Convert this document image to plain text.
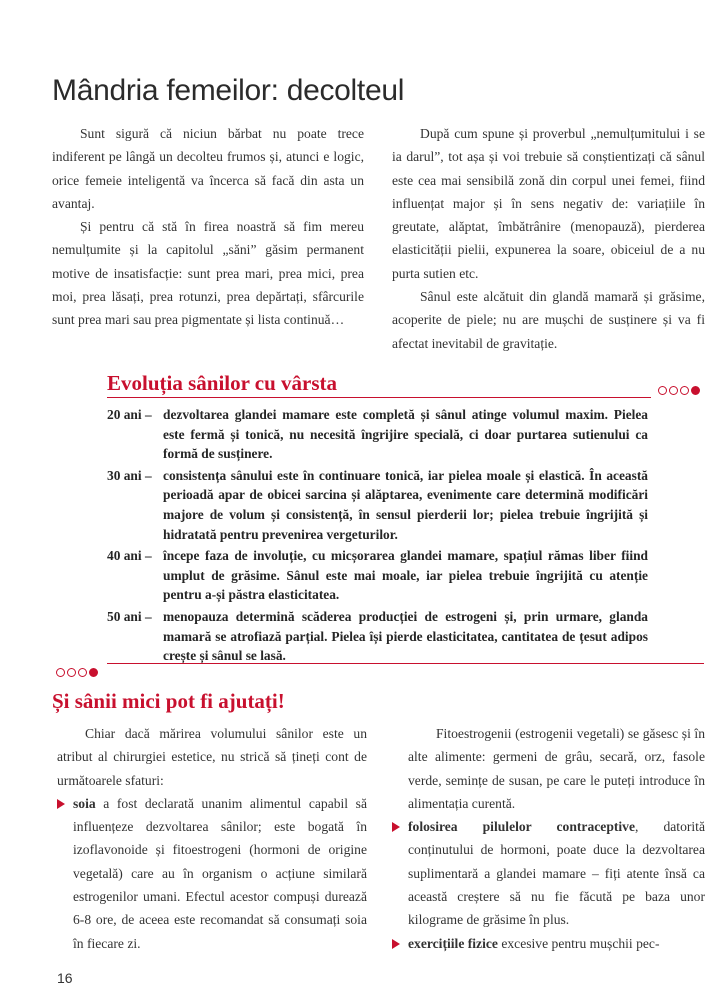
Mândria femeilor: decolteul

Sunt sigură că niciun bărbat nu poate trece indiferent pe lângă un decolteu frumos și, atunci e logic, orice femeie inteligentă va încerca să facă din asta un avantaj.

Și pentru că stă în firea noastră să fim mereu nemulțumite și la capitolul „săni” găsim permanent motive de insatisfacție: sunt prea mari, prea mici, prea moi, prea lăsați, prea rotunzi, prea depărtați, sfârcurile sunt prea mari sau prea pigmentate și lista continuă…

După cum spune și proverbul „nemulțumitului i se ia darul”, tot așa și voi trebuie să conștientizați că sânul este cea mai sensibilă zonă din corpul unei femei, fiind influențat major și în sens negativ de: variațiile în greutate, alăptat, îmbătrânire (menopauză), pierderea elasticității pielii, expunerea la soare, obiceiul de a nu purta sutien etc.

Sânul este alcătuit din glandă mamară și grăsime, acoperite de piele; nu are mușchi de susținere și va fi afectat inevitabil de gravitație.

Evoluția sânilor cu vârsta
20 ani – dezvoltarea glandei mamare este completă și sânul atinge volumul maxim. Pielea este fermă și tonică, nu necesită îngrijire specială, ci doar purtarea sutienului ca formă de susținere.
30 ani – consistența sânului este în continuare tonică, iar pielea moale și elastică. În această perioadă apar de obicei sarcina și alăptarea, evenimente care determină modificări majore de volum și consistență, în sensul pierderii lor; pielea trebuie îngrijită și hidratată pentru prevenirea vergeturilor.
40 ani – începe faza de involuție, cu micșorarea glandei mamare, spațiul rămas liber fiind umplut de grăsime. Sânul este mai moale, iar pielea trebuie îngrijită cu atenție pentru a-și păstra elasticitatea.
50 ani – menopauza determină scăderea producției de estrogeni și, prin urmare, glanda mamară se atrofiază parțial. Pielea își pierde elasticitatea, cantitatea de țesut adipos crește și sânul se lasă.
Și sânii mici pot fi ajutați!

Chiar dacă mărirea volumului sânilor este un atribut al chirurgiei estetice, nu strică să țineți cont de următoarele sfaturi:

soia a fost declarată unanim alimentul capabil să influențeze dezvoltarea sânilor; este bogată în izoflavonoide și fitoestrogeni (hormoni de origine vegetală) care au în organism o acțiune similară estrogenilor umani. Efectul acestor compuși durează 6-8 ore, de aceea este recomandat să consumați soia în fiecare zi.

Fitoestrogenii (estrogenii vegetali) se găsesc și în alte alimente: germeni de grâu, secară, orz, fasole verde, semințe de susan, pe care le puteți introduce în alimentația curentă.

folosirea pilulelor contraceptive, datorită conținutului de hormoni, poate duce la dezvoltarea suplimentară a glandei mamare – fiți atente însă ca această creștere să nu fie făcută pe baza unor kilograme de grăsime în plus.
exercițiile fizice excesive pentru mușchii pec-
16
